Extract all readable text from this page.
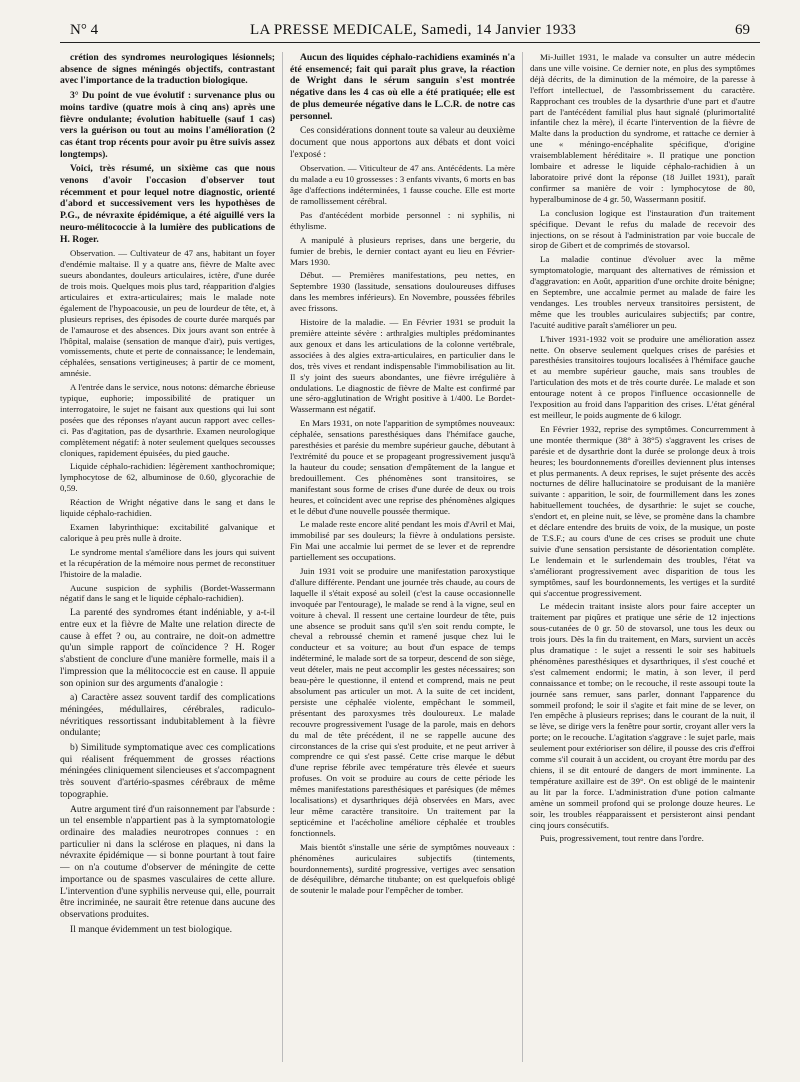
N° 4	LA PRESSE MEDICALE, Samedi, 14 Janvier 1933	69

crétion des syndromes neurologiques lésionnels; absence de signes méningés objectifs, contrastant avec l'importance de la traduction biologique.

3° Du point de vue évolutif : survenance plus ou moins tardive (quatre mois à cinq ans) après une fièvre ondulante; évolution habituelle (sauf 1 cas) vers la guérison ou tout au moins l'amélioration (2 cas étant trop récents pour avoir pu être suivis assez longtemps).

Voici, très résumé, un sixième cas que nous venons d'avoir l'occasion d'observer tout récemment et pour lequel notre diagnostic, orienté d'abord et successivement vers les hypothèses de P.G., de névraxite épidémique, a été aiguillé vers la neuro-mélitococcie à la lumière des publications de H. Roger.

Observation. — Cultivateur de 47 ans, habitant un foyer d'endémie maltaise. Il y a quatre ans, fièvre de Malte avec sueurs abondantes, douleurs articulaires, ictère, d'une durée de trois mois. Quelques mois plus tard, réapparition d'algies articulaires et extra-articulaires; mais le malade note également de l'hypoacousie, un peu de lourdeur de tête, et, à plusieurs reprises, des épisodes de courte durée marqués par de l'amaurose et des absences. Dix jours avant son entrée à l'hôpital, malaise (sensation de manque d'air), puis vertiges, vomissements, chute et perte de connaissance; le lendemain, céphalées, sensations vertigineuses; à partir de ce moment, amnésie.

A l'entrée dans le service, nous notons: démarche ébrieuse typique, euphorie; impossibilité de pratiquer un interrogatoire, le sujet ne faisant aux questions qui lui sont posées que des réponses n'ayant aucun rapport avec celles-ci. Pas d'agitation, pas de dysarthrie. Examen neurologique complètement négatif: à noter seulement quelques secousses cloniques, rapidement épuisées, du pied gauche.

Liquide céphalo-rachidien: légèrement xanthochromique; lymphocytose de 62, albuminose de 0.60, glycorachie de 0,59.

Réaction de Wright négative dans le sang et dans le liquide céphalo-rachidien.

Examen labyrinthique: excitabilité galvanique et calorique à peu près nulle à droite.

Le syndrome mental s'améliore dans les jours qui suivent et la récupération de la mémoire nous permet de reconstituer l'histoire de la maladie.

Aucune suspicion de syphilis (Bordet-Wassermann négatif dans le sang et le liquide céphalo-rachidien).

La parenté des syndromes étant indéniable, y a-t-il entre eux et la fièvre de Malte une relation directe de cause à effet ? ou, au contraire, ne doit-on admettre qu'un simple rapport de coïncidence ? H. Roger s'abstient de conclure d'une manière formelle, mais il a l'impression que la mélitococcie est en cause. Il appuie son opinion sur des arguments d'analogie :

a) Caractère assez souvent tardif des complications méningées, médullaires, cérébrales, radiculo-névritiques ressortissant indubitablement à la fièvre ondulante;

b) Similitude symptomatique avec ces complications qui réalisent fréquemment de grosses réactions méningées cliniquement silencieuses et s'accompagnent très souvent d'artério-spasmes cérébraux de même topographie.

Autre argument tiré d'un raisonnement par l'absurde : un tel ensemble n'appartient pas à la symptomatologie ordinaire des maladies neurotropes connues : en particulier ni dans la sclérose en plaques, ni dans la névraxite épidémique — si bonne pourtant à tout faire — on n'a coutume d'observer de méningite de cette importance ou de spasmes vasculaires de cette allure. L'intervention d'une syphilis nerveuse qui, elle, pourrait être incriminée, ne saurait être retenue dans aucune des observations produites.

Il manque évidemment un test biologique.

Aucun des liquides céphalo-rachidiens examinés n'a été ensemencé; fait qui paraît plus grave, la réaction de Wright dans le sérum sanguin s'est montrée négative dans les 4 cas où elle a été pratiquée; elle est de plus demeurée négative dans le L.C.R. de notre cas personnel.

Ces considérations donnent toute sa valeur au deuxième document que nous apportons aux débats et dont voici l'exposé :

Observation. — Viticulteur de 47 ans. Antécédents. La mère du malade a eu 10 grossesses : 3 enfants vivants, 6 morts en bas âge d'affections indéterminées, 1 fausse couche. Elle est morte de ramollissement cérébral.

Pas d'antécédent morbide personnel : ni syphilis, ni éthylisme.

A manipulé à plusieurs reprises, dans une bergerie, du fumier de brebis, le dernier contact ayant eu lieu en Février-Mars 1930.

Début. — Premières manifestations, peu nettes, en Septembre 1930 (lassitude, sensations douloureuses diffuses dans les membres inférieurs). En Novembre, poussées fébriles avec frissons.

Histoire de la maladie. — En Février 1931 se produit la première atteinte sévère : arthralgies multiples prédominantes aux genoux et dans les articulations de la colonne vertébrale, associées à des algies extra-articulaires, en particulier dans le dos, très vives et rendant indispensable l'immobilisation au lit. Il s'y joint des sueurs abondantes, une fièvre irrégulière à ondulations. Le diagnostic de fièvre de Malte est confirmé par une séro-agglutination de Wright positive à 1/400. Le Bordet-Wassermann est négatif.

En Mars 1931, on note l'apparition de symptômes nouveaux: céphalée, sensations paresthésiques dans l'hémiface gauche, paresthésies et parésie du membre supérieur gauche, débutant à l'extrémité du pouce et se propageant progressivement jusqu'à la hauteur du coude; sensation d'empâtement de la langue et bredouillement. Ces phénomènes sont transitoires, se manifestant sous forme de crises d'une durée de deux ou trois heures, et coïncident avec une reprise des phénomènes algiques et le début d'une nouvelle poussée thermique.

Le malade reste encore alité pendant les mois d'Avril et Mai, immobilisé par ses douleurs; la fièvre à ondulations persiste. Fin Mai une accalmie lui permet de se lever et de reprendre partiellement ses occupations.

Juin 1931 voit se produire une manifestation paroxystique d'allure différente. Pendant une journée très chaude, au cours de laquelle il s'était exposé au soleil (c'est la cause occasionnelle invoquée par l'entourage), le malade se rend à la vigne, seul en voiture à cheval. Il ressent une certaine lourdeur de tête, puis une absence se produit sans qu'il s'en soit rendu compte, le cheval a rebroussé chemin et ramené jusque chez lui le conducteur et sa voiture; au bout d'un espace de temps indéterminé, le malade sort de sa torpeur, descend de son siège, veut dételer, mais ne peut accomplir les gestes nécessaires; son beau-père le questionne, il entend et comprend, mais ne peut absolument pas articuler un mot. A la suite de cet incident, persiste une céphalée violente, empêchant le sommeil, présentant des paroxysmes très douloureux. Le malade recouvre progressivement l'usage de la parole, mais en dehors du mal de tête précédent, il ne se rappelle aucune des circonstances de la crise qui s'est produite, et ne peut arriver à comprendre ce qui s'est passé. Cette crise marque le début d'une reprise fébrile avec température très élevée et sueurs profuses. On voit se produire au cours de cette période les mêmes manifestations paresthésiques et parésiques (de mêmes localisations) et dysarthriques déjà observées en Mars, avec leur même caractère transitoire. Un traitement par la septicémine et l'acécholine améliore céphalée et troubles fonctionnels.

Mais bientôt s'installe une série de symptômes nouveaux : phénomènes auriculaires subjectifs (tintements, bourdonnements), surdité progressive, vertiges avec sensation de déséquilibre, démarche titubante; on est quelquefois obligé de soutenir le malade pour l'empêcher de tomber.

Mi-Juillet 1931, le malade va consulter un autre médecin dans une ville voisine. Ce dernier note, en plus des symptômes déjà décrits, de la diminution de la mémoire, de la paresse à l'effort intellectuel, de l'assombrissement du caractère. Rapprochant ces troubles de la dysarthrie d'une part et d'autre part de l'antécédent familial plus haut signalé (plurimortalité infantile chez la mère), il écarte l'intervention de la fièvre de Malte dans la production du syndrome, et rattache ce dernier à une « méningo-encéphalite spécifique, d'origine vraisemblablement héréditaire ». Il pratique une ponction lombaire et adresse le liquide céphalo-rachidien à un laboratoire privé dont la réponse (18 Juillet 1931), paraît confirmer sa manière de voir : lymphocytose de 80, hyperalbuminose de 4 gr. 50, Wassermann positif.

La conclusion logique est l'instauration d'un traitement spécifique. Devant le refus du malade de recevoir des injections, on se résout à l'administration par voie buccale de sirop de Gibert et de comprimés de stovarsol.

La maladie continue d'évoluer avec la même symptomatologie, marquant des alternatives de rémission et d'aggravation: en Août, apparition d'une orchite droite bénigne; en Septembre, une accalmie permet au malade de faire les vendanges. Les troubles nerveux transitoires persistent, de même que les troubles auriculaires subjectifs; par contre, l'acuité auditive paraît s'améliorer un peu.

L'hiver 1931-1932 voit se produire une amélioration assez nette. On observe seulement quelques crises de parésies et paresthésies transitoires toujours localisées à l'hémiface gauche et au membre supérieur gauche, mais sans troubles de l'articulation des mots et de très courte durée. Le malade et son entourage notent à ce propos l'influence occasionnelle de l'exposition au froid dans l'apparition des crises. L'état général est meilleur, le poids augmente de 6 kilogr.

En Février 1932, reprise des symptômes. Concurremment à une montée thermique (38° à 38°5) s'aggravent les crises de parésie et de dysarthrie dont la durée se prolonge deux à trois heures; les bourdonnements d'oreilles deviennent plus intenses et plus permanents. A deux reprises, le sujet présente des accès nocturnes de délire hallucinatoire se produisant de la manière suivante : apparition, le soir, de fourmillement dans les zones habituellement touchées, de dysarthrie: le sujet se couche, s'endort et, en pleine nuit, se lève, se promène dans la chambre et déclare entendre des bruits de voix, de la musique, un poste de T.S.F.; au cours d'une de ces crises se produit une chute suivie d'une sensation persistante de désorientation complète. Le lendemain et le surlendemain des troubles, l'état va s'améliorant progressivement avec disparition de tous les symptômes, sauf les bourdonnements, les vertiges et la surdité qui s'accentue progressivement.

Le médecin traitant insiste alors pour faire accepter un traitement par piqûres et pratique une série de 12 injections sous-cutanées de 0 gr. 50 de stovarsol, une tous les deux ou trois jours. Dès la fin du traitement, en Mars, survient un accès plus dramatique : le sujet a ressenti le soir ses habituels phénomènes paresthésiques et dysarthriques, il s'est couché et s'est calmement endormi; le matin, à son lever, il perd connaissance et tombe; on le recouche, il reste assoupi toute la journée sans remuer, sans parler, donnant l'apparence du sommeil profond; le soir il s'agite et fait mine de se lever, on l'en empêche à plusieurs reprises; dans le courant de la nuit, il se lève, se dirige vers la fenêtre pour sortir, croyant aller vers la porte; on le recouche. L'agitation s'aggrave : le sujet parle, mais seulement pour extérioriser son délire, il pousse des cris d'effroi comme s'il courait à un accident, ou croyant être mordu par des chiens, il se dit entouré de dangers de mort imminente. La température axillaire est de 39°. On est obligé de le maintenir au lit par la force. L'administration d'une potion calmante amène un sommeil profond qui se prolonge douze heures. Le soir, les troubles réapparaissent et persisteront ainsi pendant cinq jours consécutifs.

Puis, progressivement, tout rentre dans l'ordre.
